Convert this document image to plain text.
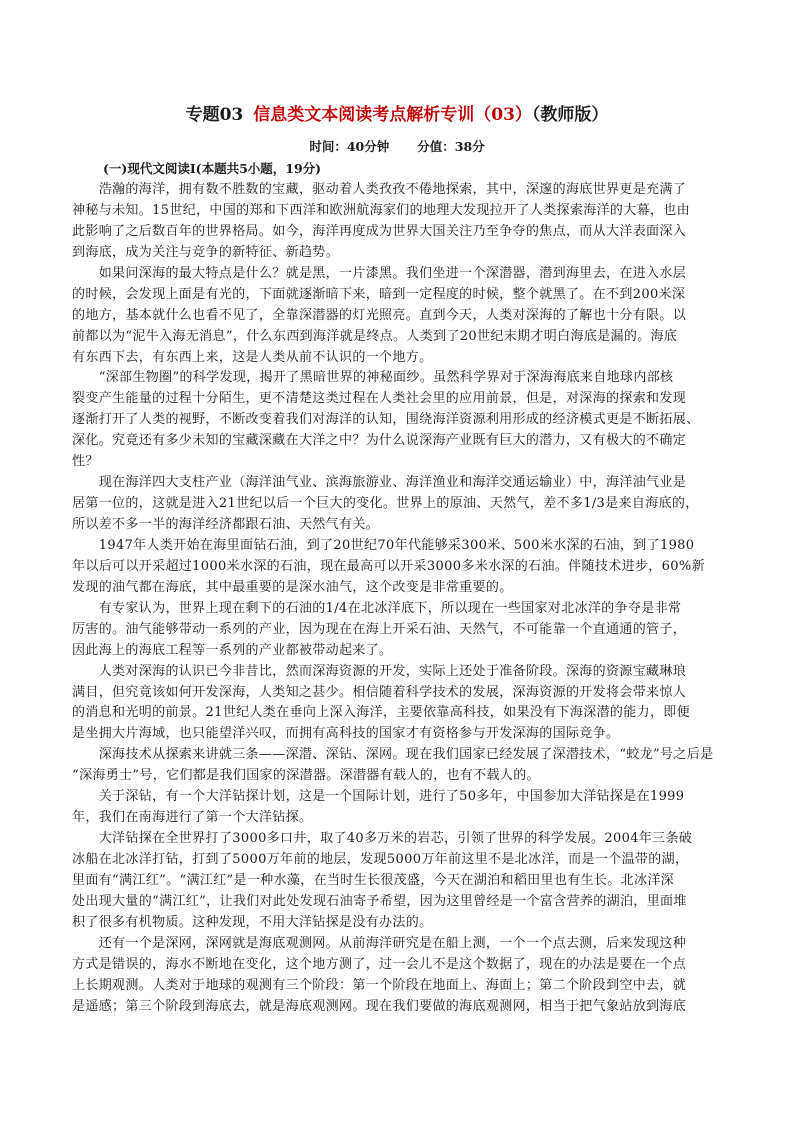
专题03 信息类文本阅读考点解析专训（03）（教师版）
时间：40分钟 分值：38分
(一)现代文阅读Ⅰ(本题共5小题，19分)
　　浩瀚的海洋，拥有数不胜数的宝藏，驱动着人类孜孜不倦地探索，其中，深邃的海底世界更是充满了
神秘与未知。15世纪，中国的郑和下西洋和欧洲航海家们的地理大发现拉开了人类探索海洋的大幕，也由
此影响了之后数百年的世界格局。如今，海洋再度成为世界大国关注乃至争夺的焦点，而从大洋表面深入
到海底，成为关注与竞争的新特征、新趋势。
　　如果问深海的最大特点是什么？就是黑，一片漆黑。我们坐进一个深潜器，潜到海里去，在进入水层
的时候，会发现上面是有光的，下面就逐渐暗下来，暗到一定程度的时候，整个就黑了。在不到200米深
的地方，基本就什么也看不见了，全靠深潜器的灯光照亮。直到今天，人类对深海的了解也十分有限。以
前都以为“泥牛入海无消息”，什么东西到海洋就是终点。人类到了20世纪末期才明白海底是漏的。海底
有东西下去，有东西上来，这是人类从前不认识的一个地方。
　　“深部生物圈”的科学发现，揭开了黑暗世界的神秘面纱。虽然科学界对于深海海底来自地球内部核
裂变产生能量的过程十分陌生，更不清楚这类过程在人类社会里的应用前景，但是，对深海的探索和发现
逐渐打开了人类的视野，不断改变着我们对海洋的认知，围绕海洋资源利用形成的经济模式更是不断拓展、
深化。究竟还有多少未知的宝藏深藏在大洋之中？为什么说深海产业既有巨大的潜力，又有极大的不确定
性？
　　现在海洋四大支柱产业（海洋油气业、滨海旅游业、海洋渔业和海洋交通运输业）中，海洋油气业是
居第一位的，这就是进入21世纪以后一个巨大的变化。世界上的原油、天然气，差不多1/3是来自海底的，
所以差不多一半的海洋经济都跟石油、天然气有关。
　　1947年人类开始在海里面钻石油，到了20世纪70年代能够采300米、500米水深的石油，到了1980
年以后可以开采超过1000米水深的石油，现在最高可以开采3000多米水深的石油。伴随技术进步，60%新
发现的油气都在海底，其中最重要的是深水油气，这个改变是非常重要的。
　　有专家认为，世界上现在剩下的石油的1/4在北冰洋底下，所以现在一些国家对北冰洋的争夺是非常
厉害的。油气能够带动一系列的产业，因为现在在海上开采石油、天然气，不可能靠一个直通通的管子，
因此海上的海底工程等一系列的产业都被带动起来了。
　　人类对深海的认识已今非昔比，然而深海资源的开发，实际上还处于准备阶段。深海的资源宝藏琳琅
满目，但究竟该如何开发深海，人类知之甚少。相信随着科学技术的发展，深海资源的开发将会带来惊人
的消息和光明的前景。21世纪人类在垂向上深入海洋，主要依靠高科技，如果没有下海深潜的能力，即便
是坐拥大片海域，也只能望洋兴叹，而拥有高科技的国家才有资格参与开发深海的国际竞争。
　　深海技术从探索来讲就三条——深潜、深钻、深网。现在我们国家已经发展了深潜技术，“蛟龙”号之后是
“深海勇士”号，它们都是我们国家的深潜器。深潜器有载人的，也有不载人的。
　　关于深钻，有一个大洋钻探计划，这是一个国际计划，进行了50多年，中国参加大洋钻探是在1999
年，我们在南海进行了第一个大洋钻探。
　　大洋钻探在全世界打了3000多口井，取了40多万米的岩芯，引领了世界的科学发展。2004年三条破
冰船在北冰洋打钻，打到了5000万年前的地层，发现5000万年前这里不是北冰洋，而是一个温带的湖，
里面有“满江红”。“满江红”是一种水藻，在当时生长很茂盛，今天在湖泊和稻田里也有生长。北冰洋深
处出现大量的“满江红”，让我们对此处发现石油寄予希望，因为这里曾经是一个富含营养的湖泊，里面堆
积了很多有机物质。这种发现，不用大洋钻探是没有办法的。
　　还有一个是深网，深网就是海底观测网。从前海洋研究是在船上测，一个一个点去测，后来发现这种
方式是错误的，海水不断地在变化，这个地方测了，过一会儿不是这个数据了，现在的办法是要在一个点
上长期观测。人类对于地球的观测有三个阶段：第一个阶段在地面上、海面上；第二个阶段到空中去，就
是遥感；第三个阶段到海底去，就是海底观测网。现在我们要做的海底观测网，相当于把气象站放到海底
